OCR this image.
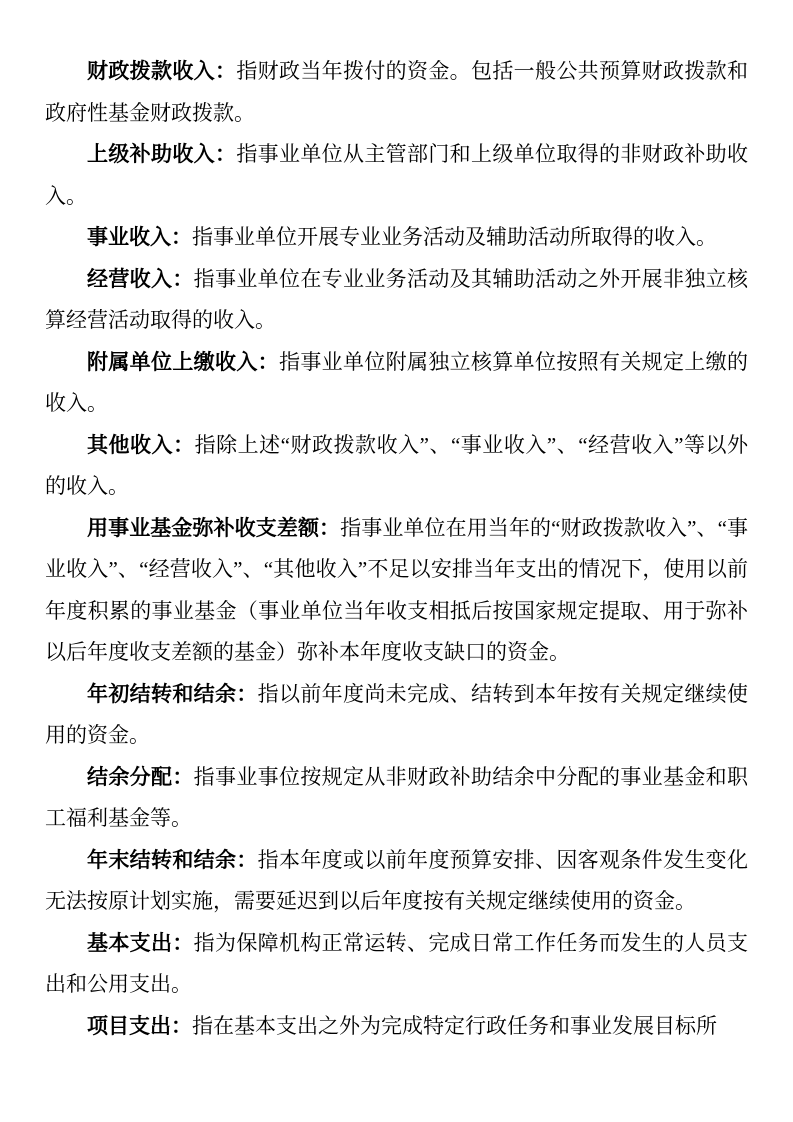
财政拨款收入：指财政当年拨付的资金。包括一般公共预算财政拨款和政府性基金财政拨款。

上级补助收入：指事业单位从主管部门和上级单位取得的非财政补助收入。

事业收入：指事业单位开展专业业务活动及辅助活动所取得的收入。

经营收入：指事业单位在专业业务活动及其辅助活动之外开展非独立核算经营活动取得的收入。

附属单位上缴收入：指事业单位附属独立核算单位按照有关规定上缴的收入。

其他收入：指除上述“财政拨款收入”、“事业收入”、“经营收入”等以外的收入。

用事业基金弥补收支差额：指事业单位在用当年的“财政拨款收入”、“事业收入”、“经营收入”、“其他收入”不足以安排当年支出的情况下，使用以前年度积累的事业基金（事业单位当年收支相抵后按国家规定提取、用于弥补以后年度收支差额的基金）弥补本年度收支缺口的资金。

年初结转和结余：指以前年度尚未完成、结转到本年按有关规定继续使用的资金。

结余分配：指事业事位按规定从非财政补助结余中分配的事业基金和职工福利基金等。

年末结转和结余：指本年度或以前年度预算安排、因客观条件发生变化无法按原计划实施，需要延迟到以后年度按有关规定继续使用的资金。

基本支出：指为保障机构正常运转、完成日常工作任务而发生的人员支出和公用支出。

项目支出：指在基本支出之外为完成特定行政任务和事业发展目标所
